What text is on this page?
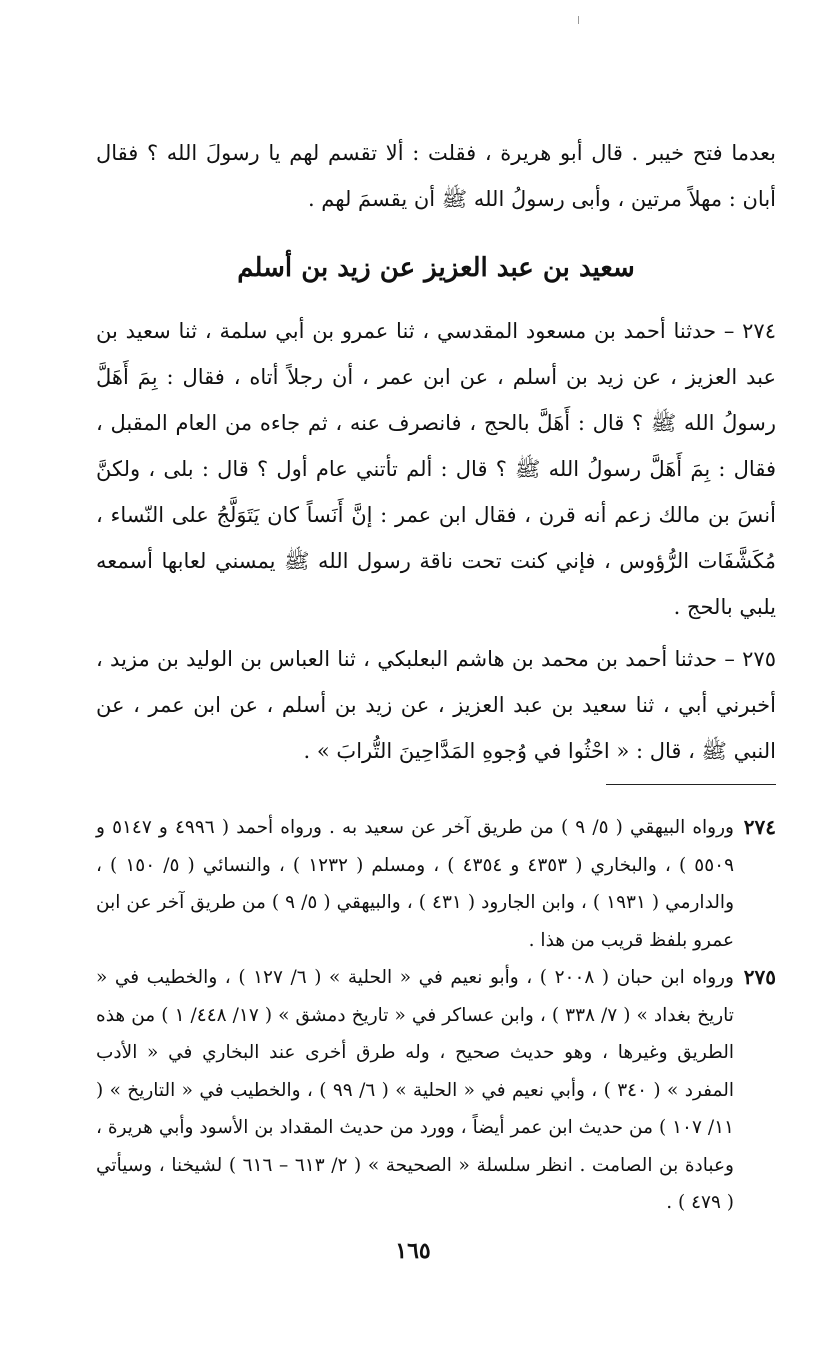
بعدما فتح خيبر . قال أبو هريرة ، فقلت : ألا تقسم لهم يا رسولَ الله ؟ فقال أبان : مهلاً مرتين ، وأبى رسولُ الله ﷺ أن يقسمَ لهم .

سعيد بن عبد العزيز عن زيد بن أسلم

٢٧٤ – حدثنا أحمد بن مسعود المقدسي ، ثنا عمرو بن أبي سلمة ، ثنا سعيد بن عبد العزيز ، عن زيد بن أسلم ، عن ابن عمر ، أن رجلاً أتاه ، فقال : بِمَ أَهَلَّ رسولُ الله ﷺ ؟ قال : أَهَلَّ بالحج ، فانصرف عنه ، ثم جاءه من العام المقبل ، فقال : بِمَ أَهَلَّ رسولُ الله ﷺ ؟ قال : ألم تأتني عام أول ؟ قال : بلى ، ولكنَّ أنسَ بن مالك زعم أنه قرن ، فقال ابن عمر : إنَّ أَنَساً كان يَتَوَلَّجُ على النّساء ، مُكَشَّفَات الرُّؤوس ، فإني كنت تحت ناقة رسول الله ﷺ يمسني لعابها أسمعه يلبي بالحج .

٢٧٥ – حدثنا أحمد بن محمد بن هاشم البعلبكي ، ثنا العباس بن الوليد بن مزيد ، أخبرني أبي ، ثنا سعيد بن عبد العزيز ، عن زيد بن أسلم ، عن ابن عمر ، عن النبي ﷺ ، قال : « احْثُوا في وُجوهِ المَدَّاحِينَ التُّرابَ » .

٢٧٤
ورواه البيهقي ( ٥/ ٩ ) من طريق آخر عن سعيد به . ورواه أحمد ( ٤٩٩٦ و ٥١٤٧ و ٥٥٠٩ ) ، والبخاري ( ٤٣٥٣ و ٤٣٥٤ ) ، ومسلم ( ١٢٣٢ ) ، والنسائي ( ٥/ ١٥٠ ) ، والدارمي ( ١٩٣١ ) ، وابن الجارود ( ٤٣١ ) ، والبيهقي ( ٥/ ٩ ) من طريق آخر عن ابن عمرو بلفظ قريب من هذا .
٢٧٥
ورواه ابن حبان ( ٢٠٠٨ ) ، وأبو نعيم في « الحلية » ( ٦/ ١٢٧ ) ، والخطيب في « تاريخ بغداد » ( ٧/ ٣٣٨ ) ، وابن عساكر في « تاريخ دمشق » ( ١٧/ ٤٤٨/ ١ ) من هذه الطريق وغيرها ، وهو حديث صحيح ، وله طرق أخرى عند البخاري في « الأدب المفرد » ( ٣٤٠ ) ، وأبي نعيم في « الحلية » ( ٦/ ٩٩ ) ، والخطيب في « التاريخ » ( ١١/ ١٠٧ ) من حديث ابن عمر أيضاً ، وورد من حديث المقداد بن الأسود وأبي هريرة ، وعبادة بن الصامت . انظر سلسلة « الصحيحة » ( ٢/ ٦١٣ – ٦١٦ ) لشيخنا ، وسيأتي ( ٤٧٩ ) .
١٦٥
